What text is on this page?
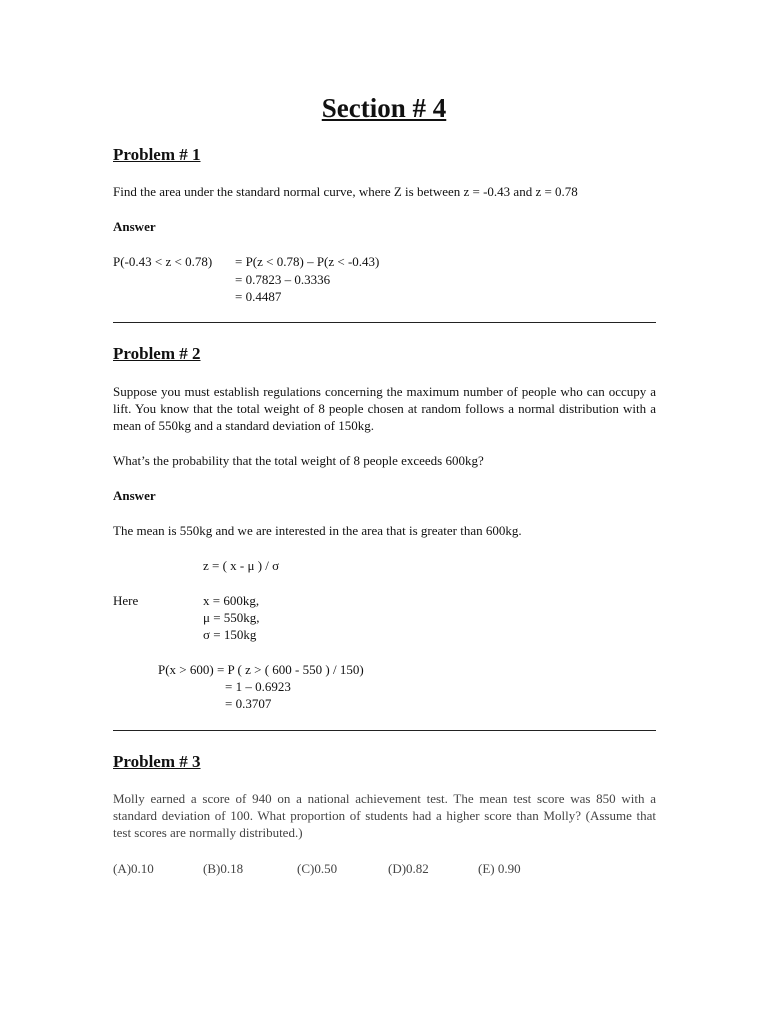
Section # 4
Problem # 1
Find the area under the standard normal curve, where Z is between z = -0.43 and z = 0.78
Answer
P(-0.43 < z < 0.78) = P(z < 0.78) – P(z < -0.43)
= 0.7823 – 0.3336
= 0.4487
Problem # 2
Suppose you must establish regulations concerning the maximum number of people who can occupy a lift. You know that the total weight of 8 people chosen at random follows a normal distribution with a mean of 550kg and a standard deviation of 150kg.
What’s the probability that the total weight of 8 people exceeds 600kg?
Answer
The mean is 550kg and we are interested in the area that is greater than 600kg.
z = ( x - μ ) / σ
Here	x = 600kg,
μ = 550kg,
σ = 150kg
P(x > 600) = P ( z > ( 600 - 550 ) / 150)
= 1 – 0.6923
= 0.3707
Problem # 3
Molly earned a score of 940 on a national achievement test. The mean test score was 850 with a standard deviation of 100. What proportion of students had a higher score than Molly? (Assume that test scores are normally distributed.)
(A)0.10	(B)0.18	(C)0.50	(D)0.82	(E) 0.90
